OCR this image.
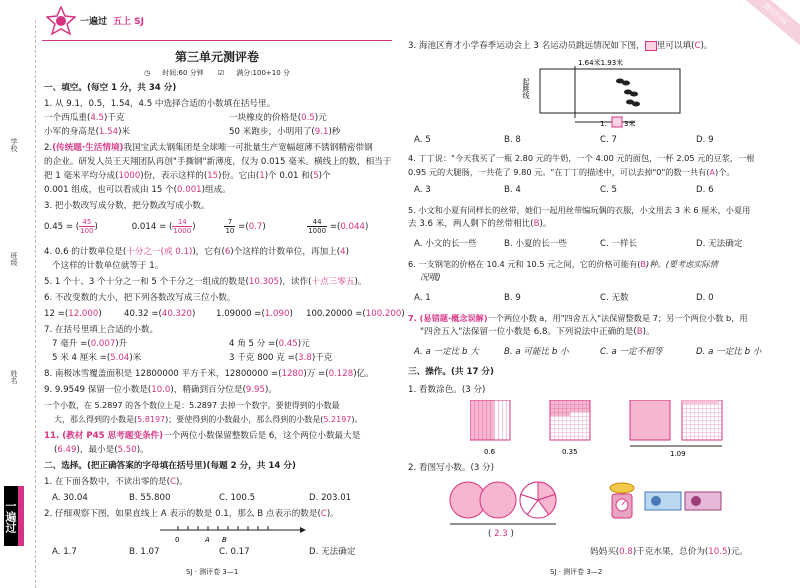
学校
班级
姓名
一遍过
一遍过 五上 SJ
第三单元测评卷
◷ 时间:60 分钟 ☑ 满分:100+10 分
一、填空。(每空 1 分，共 34 分)
1. 从 9.1，0.5，1.54，4.5 中选择合适的小数填在括号里。
一个西瓜重(4.5)千克	一块橡皮的价格是(0.5)元
小军的身高是(1.54)米	50 米跑步，小明用了(9.1)秒
2.(传统题·生活情境)我国宝武太钢集团是全球唯一可批量生产宽幅超薄不锈钢精密带钢
的企业。研发人员王天翔团队再创"手撕钢"新薄度，仅为 0.015 毫米。横线上的数，相当于
把 1 毫米平均分成(1000)份，表示这样的(15)份。它由(1)个 0.01 和(5)个
0.001 组成，也可以看成由 15 个(0.001)组成。
3. 把小数改写成分数，把分数改写成小数。
0.45 = ( $\frac{45}{100}$ )	0.014 = ( $\frac{14}{1000}$ )	$\frac{7}{10} =(0.7)$	$\frac{44}{1000} =(0.044)$
4. 0.6 的计数单位是(十分之一(或 0.1))，它有(6)个这样的计数单位，再加上(4)
个这样的计数单位就等于 1。
5. 1 个十、3 个十分之一和 5 个千分之一组成的数是(10.305)，读作(十点三零五)。
6. 不改变数的大小，把下列各数改写成三位小数。
12 =(12.000)	40.32 =(40.320) 1.09000 =(1.090) 100.20000 =(100.200)
7. 在括号里填上合适的小数。
7 毫升 =(0.007)升	4 角 5 分 =(0.45)元
5 米 4 厘米 =(5.04)米	3 千克 800 克 =(3.8)千克
8. 南极冰雪覆盖面积是 12800000 平方千米，12800000 =(1280)万 =(0.128)亿。
9. 9.9549 保留一位小数是(10.0)，精确到百分位是(9.95)。
一个小数，在 5.2897 的各个数位上是：5.2897 去掉一个数字。要使得到的小数最
大，那么得到的小数是(5.8197)；要使得到的小数最小，那么得到的小数是(5.2197)。
11. (教材 P45 思考题变条件)一个两位小数保留整数后是 6，这个两位小数最大是
(6.49)，最小是(5.50)。
二、选择。(把正确答案的字母填在括号里)(每题 2 分，共 14 分)
1. 在下面各数中，不读出零的是(C)。
A. 30.04	B. 55.800	C. 100.5	D. 203.01
2. 仔细观察下图，如果直线上 A 表示的数是 0.1，那么 B 点表示的数是(C)。
0	A B
A. 1.7	B. 1.07	C. 0.17	D. 无法确定
SJ · 测评卷 3—1
微信扫码
3. 海池区育才小学春季运动会上 3 名运动员跳远情况如下图， 里可以填(C)。
1.64米1.93米
起跳线
1. 3米
A. 5	B. 8	C. 7	D. 9
4. 丁丁说："今天我买了一瓶 2.80 元的牛奶，一个 4.00 元的面包，一杯 2.05 元的豆浆，一根
0.95 元的大腿肠，一共花了 9.80 元。"在丁丁的描述中，可以去掉"0"的数一共有(A)个。
A. 3	B. 4	C. 5	D. 6
5. 小文和小夏有同样长的丝带，她们一起用丝带编玩偶的衣服，小文用去 3 米 6 厘米，小夏用
去 3.6 米，两人剩下的丝带相比(B)。
A. 小文的长一些	B. 小夏的长一些	C. 一样长	D. 无法确定
6. 一支钢笔的价格在 10.4 元和 10.5 元之间，它的价格可能有(B)种。(要考虑实际情
况哦)
A. 1	B. 9	C. 无数	D. 0
7. (易错题·概念误解)一个两位小数 a，用"四舍五入"法保留整数是 7；另一个两位小数 b，用
"四舍五入"法保留一位小数是 6.8。下列说法中正确的是(B)。
A. a 一定比 b 大	B. a 可能比 b 小	C. a 一定不相等	D. a 一定比 b 小
三、操作。(共 17 分)
1. 看数涂色。(3 分)
0.6	0.35	1.09
2. 看图写小数。(3 分)
( 2.3 )
妈妈买(0.8)千克水果，总价为(10.5)元。
SJ · 测评卷 3—2
